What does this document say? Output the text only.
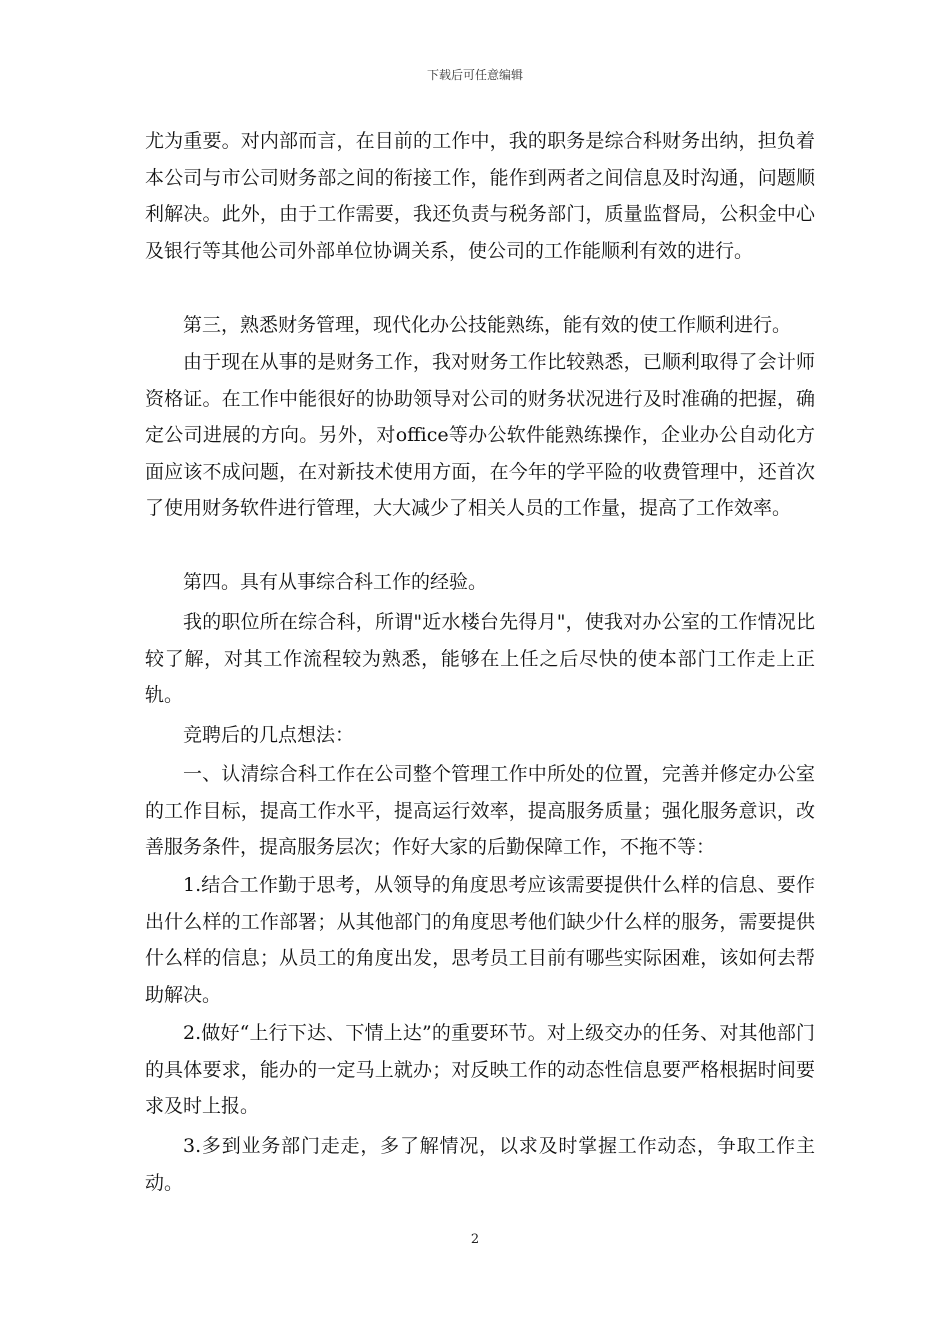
下载后可任意编辑

尤为重要。对内部而言，在目前的工作中，我的职务是综合科财务出纳，担负着本公司与市公司财务部之间的衔接工作，能作到两者之间信息及时沟通，问题顺利解决。此外，由于工作需要，我还负责与税务部门，质量监督局，公积金中心及银行等其他公司外部单位协调关系，使公司的工作能顺利有效的进行。

第三，熟悉财务管理，现代化办公技能熟练，能有效的使工作顺利进行。

由于现在从事的是财务工作，我对财务工作比较熟悉，已顺利取得了会计师资格证。在工作中能很好的协助领导对公司的财务状况进行及时准确的把握，确定公司进展的方向。另外，对office等办公软件能熟练操作，企业办公自动化方面应该不成问题，在对新技术使用方面，在今年的学平险的收费管理中，还首次了使用财务软件进行管理，大大减少了相关人员的工作量，提高了工作效率。

第四。具有从事综合科工作的经验。

我的职位所在综合科，所谓"近水楼台先得月"，使我对办公室的工作情况比较了解，对其工作流程较为熟悉，能够在上任之后尽快的使本部门工作走上正轨。

竞聘后的几点想法：

一、认清综合科工作在公司整个管理工作中所处的位置，完善并修定办公室的工作目标，提高工作水平，提高运行效率，提高服务质量；强化服务意识，改善服务条件，提高服务层次；作好大家的后勤保障工作，不拖不等：

1.结合工作勤于思考，从领导的角度思考应该需要提供什么样的信息、要作出什么样的工作部署；从其他部门的角度思考他们缺少什么样的服务，需要提供什么样的信息；从员工的角度出发，思考员工目前有哪些实际困难，该如何去帮助解决。

2.做好“上行下达、下情上达”的重要环节。对上级交办的任务、对其他部门的具体要求，能办的一定马上就办；对反映工作的动态性信息要严格根据时间要求及时上报。

3.多到业务部门走走，多了解情况，以求及时掌握工作动态，争取工作主动。

2
